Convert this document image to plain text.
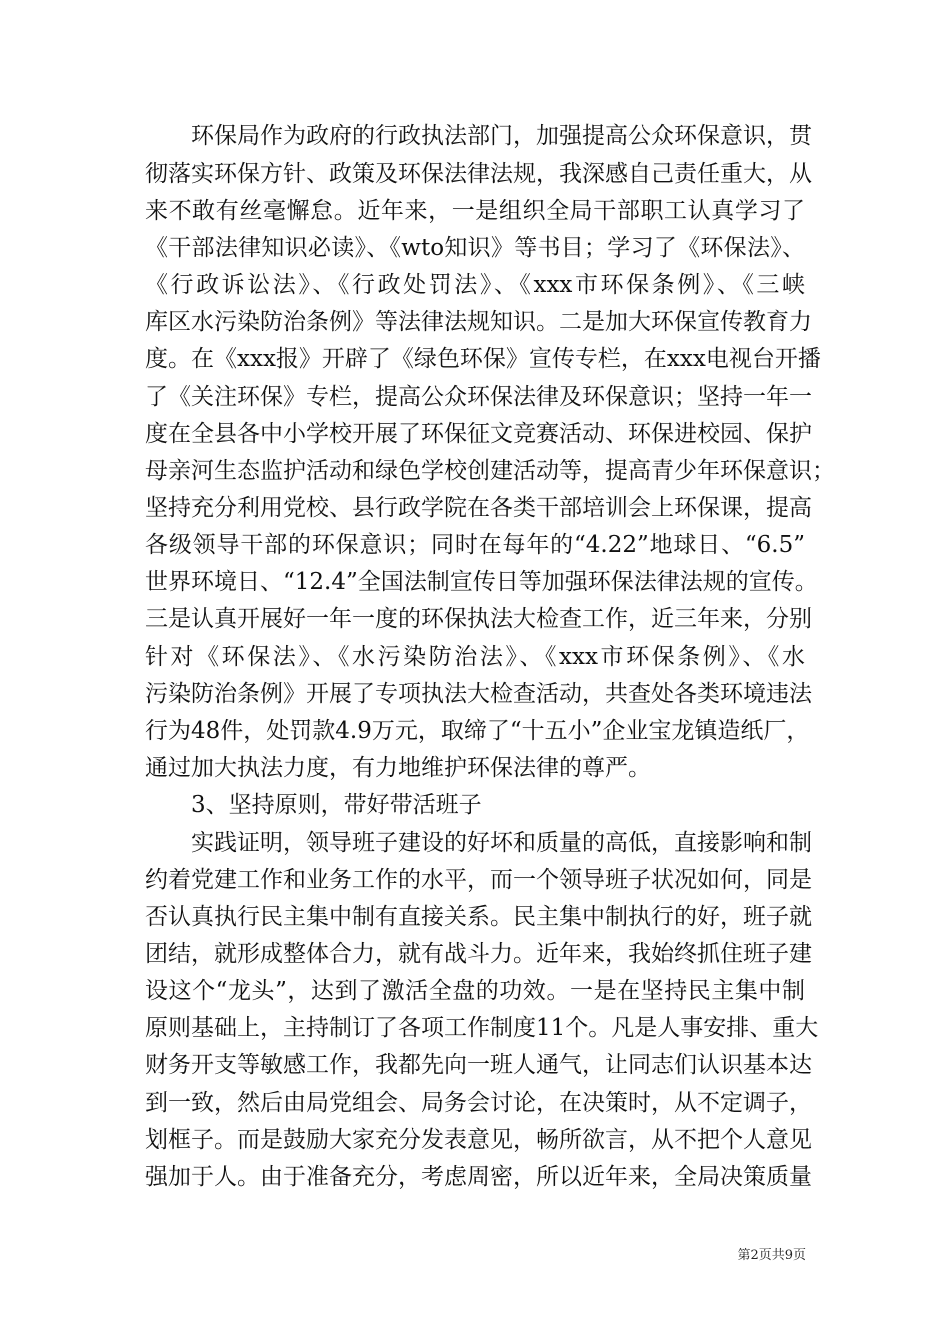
环保局作为政府的行政执法部门，加强提高公众环保意识，贯
彻落实环保方针、政策及环保法律法规，我深感自己责任重大，从
来不敢有丝毫懈怠。近年来，一是组织全局干部职工认真学习了
《干部法律知识必读》、《wto知识》等书目；学习了《环保法》、
《行政诉讼法》、《行政处罚法》、《xxx市环保条例》、《三峡
库区水污染防治条例》等法律法规知识。二是加大环保宣传教育力
度。在《xxx报》开辟了《绿色环保》宣传专栏，在xxx电视台开播
了《关注环保》专栏，提高公众环保法律及环保意识；坚持一年一
度在全县各中小学校开展了环保征文竞赛活动、环保进校园、保护
母亲河生态监护活动和绿色学校创建活动等，提高青少年环保意识；
坚持充分利用党校、县行政学院在各类干部培训会上环保课，提高
各级领导干部的环保意识；同时在每年的“4.22”地球日、“6.5”
世界环境日、“12.4”全国法制宣传日等加强环保法律法规的宣传。
三是认真开展好一年一度的环保执法大检查工作，近三年来，分别
针对《环保法》、《水污染防治法》、《xxx市环保条例》、《水
污染防治条例》开展了专项执法大检查活动，共查处各类环境违法
行为48件，处罚款4.9万元，取缔了“十五小”企业宝龙镇造纸厂，
通过加大执法力度，有力地维护环保法律的尊严。
3、坚持原则，带好带活班子
实践证明，领导班子建设的好坏和质量的高低，直接影响和制
约着党建工作和业务工作的水平，而一个领导班子状况如何，同是
否认真执行民主集中制有直接关系。民主集中制执行的好，班子就
团结，就形成整体合力，就有战斗力。近年来，我始终抓住班子建
设这个“龙头”，达到了激活全盘的功效。一是在坚持民主集中制
原则基础上，主持制订了各项工作制度11个。凡是人事安排、重大
财务开支等敏感工作，我都先向一班人通气，让同志们认识基本达
到一致，然后由局党组会、局务会讨论，在决策时，从不定调子，
划框子。而是鼓励大家充分发表意见，畅所欲言，从不把个人意见
强加于人。由于准备充分，考虑周密，所以近年来，全局决策质量
第2页共9页
